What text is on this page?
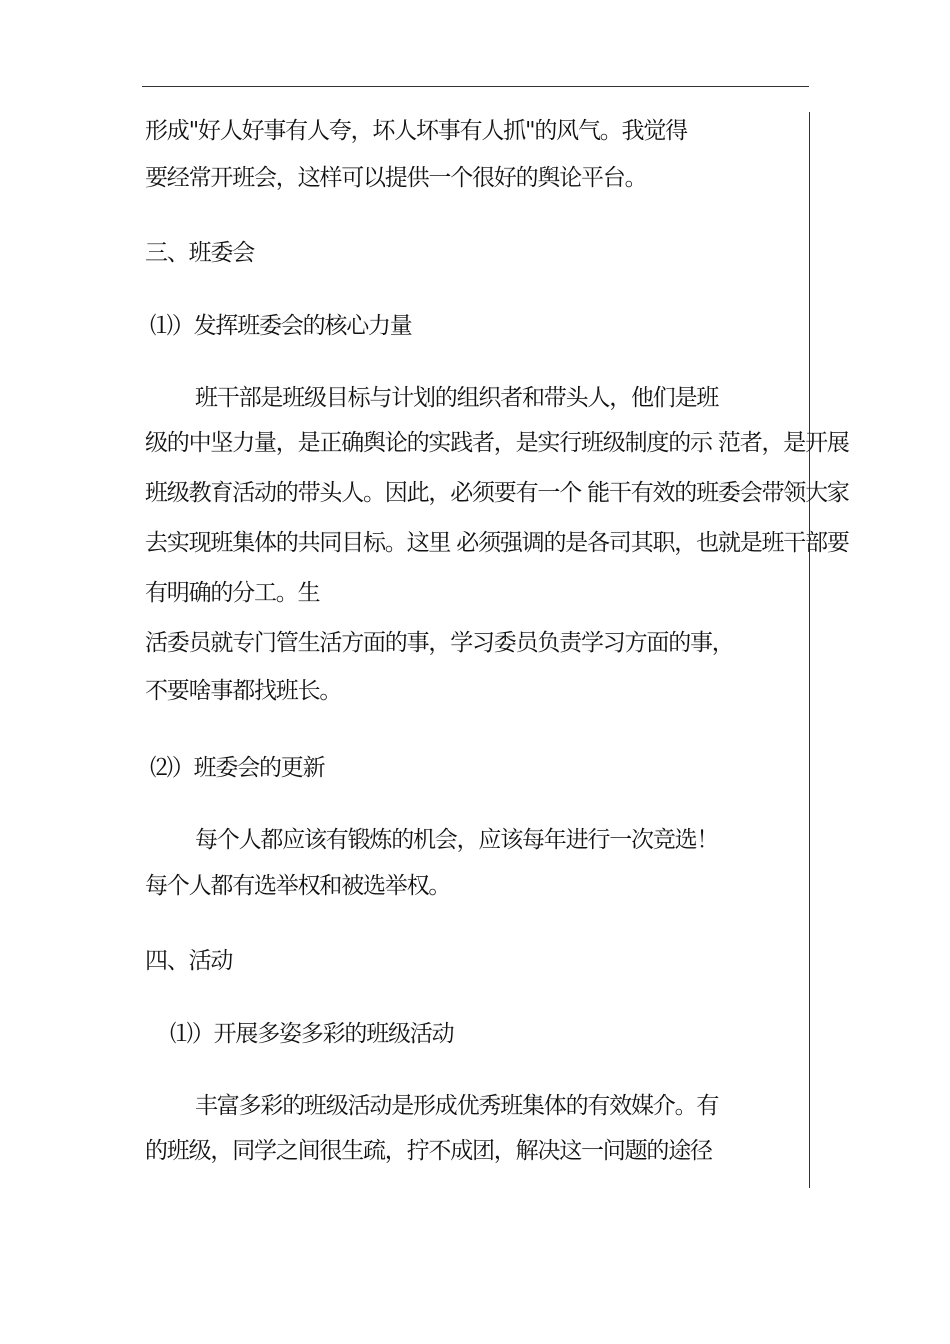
形成"好人好事有人夸，坏人坏事有人抓"的风气。我觉得
要经常开班会，这样可以提供一个很好的舆论平台。
三、班委会
⑴）发挥班委会的核心力量
班干部是班级目标与计划的组织者和带头人，他们是班
级的中坚力量，是正确舆论的实践者，是实行班级制度的示 范者，是开展
班级教育活动的带头人。因此，必须要有一个 能干有效的班委会带领大家
去实现班集体的共同目标。这里 必须强调的是各司其职，也就是班干部要
有明确的分工。生
活委员就专门管生活方面的事，学习委员负责学习方面的事，
不要啥事都找班长。
⑵）班委会的更新
每个人都应该有锻炼的机会，应该每年进行一次竞选！
每个人都有选举权和被选举权。
四、活动
⑴）开展多姿多彩的班级活动
丰富多彩的班级活动是形成优秀班集体的有效媒介。有
的班级，同学之间很生疏，拧不成团，解决这一问题的途径
